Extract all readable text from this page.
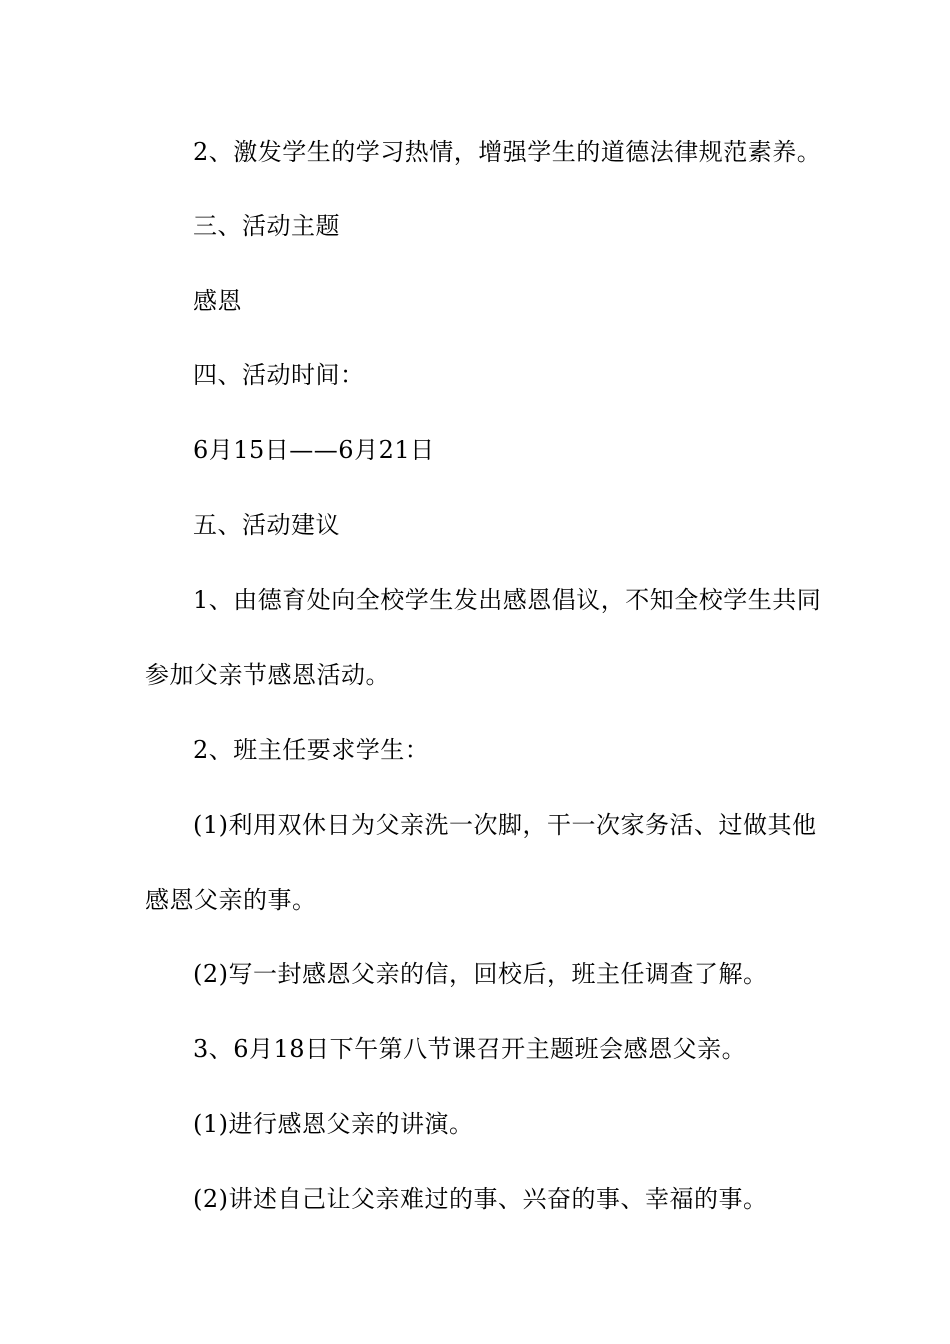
2、激发学生的学习热情，增强学生的道德法律规范素养。
三、活动主题
感恩
四、活动时间：
6月15日——6月21日
五、活动建议
1、由德育处向全校学生发出感恩倡议，不知全校学生共同
参加父亲节感恩活动。
2、班主任要求学生：
(1)利用双休日为父亲洗一次脚，干一次家务活、过做其他
感恩父亲的事。
(2)写一封感恩父亲的信，回校后，班主任调查了解。
3、6月18日下午第八节课召开主题班会感恩父亲。
(1)进行感恩父亲的讲演。
(2)讲述自己让父亲难过的事、兴奋的事、幸福的事。
